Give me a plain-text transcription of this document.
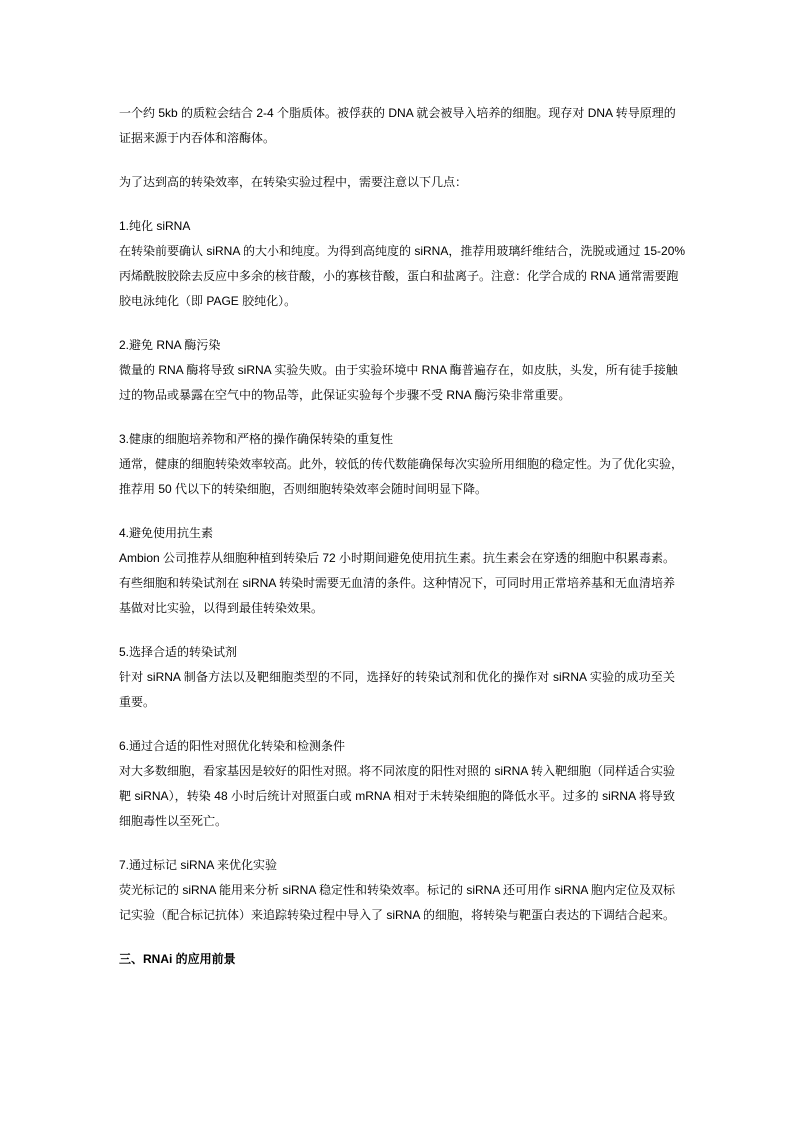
一个约 5kb 的质粒会结合 2-4 个脂质体。被俘获的 DNA 就会被导入培养的细胞。现存对 DNA 转导原理的
证据来源于内吞体和溶酶体。
为了达到高的转染效率，在转染实验过程中，需要注意以下几点：
1.纯化 siRNA
在转染前要确认 siRNA 的大小和纯度。为得到高纯度的 siRNA，推荐用玻璃纤维结合，洗脱或通过 15-20%
丙烯酰胺胶除去反应中多余的核苷酸，小的寡核苷酸，蛋白和盐离子。注意：化学合成的 RNA 通常需要跑
胶电泳纯化（即 PAGE 胶纯化）。
2.避免 RNA 酶污染
微量的 RNA 酶将导致 siRNA 实验失败。由于实验环境中 RNA 酶普遍存在，如皮肤，头发，所有徒手接触
过的物品或暴露在空气中的物品等，此保证实验每个步骤不受 RNA 酶污染非常重要。
3.健康的细胞培养物和严格的操作确保转染的重复性
通常，健康的细胞转染效率较高。此外，较低的传代数能确保每次实验所用细胞的稳定性。为了优化实验，
推荐用 50 代以下的转染细胞，否则细胞转染效率会随时间明显下降。
4.避免使用抗生素
Ambion 公司推荐从细胞种植到转染后 72 小时期间避免使用抗生素。抗生素会在穿透的细胞中积累毒素。
有些细胞和转染试剂在 siRNA 转染时需要无血清的条件。这种情况下，可同时用正常培养基和无血清培养
基做对比实验，以得到最佳转染效果。
5.选择合适的转染试剂
针对 siRNA 制备方法以及靶细胞类型的不同，选择好的转染试剂和优化的操作对 siRNA 实验的成功至关
重要。
6.通过合适的阳性对照优化转染和检测条件
对大多数细胞，看家基因是较好的阳性对照。将不同浓度的阳性对照的 siRNA 转入靶细胞（同样适合实验
靶 siRNA），转染 48 小时后统计对照蛋白或 mRNA 相对于未转染细胞的降低水平。过多的 siRNA 将导致
细胞毒性以至死亡。
7.通过标记 siRNA 来优化实验
荧光标记的 siRNA 能用来分析 siRNA 稳定性和转染效率。标记的 siRNA 还可用作 siRNA 胞内定位及双标
记实验（配合标记抗体）来追踪转染过程中导入了 siRNA 的细胞，将转染与靶蛋白表达的下调结合起来。
三、RNAi 的应用前景
